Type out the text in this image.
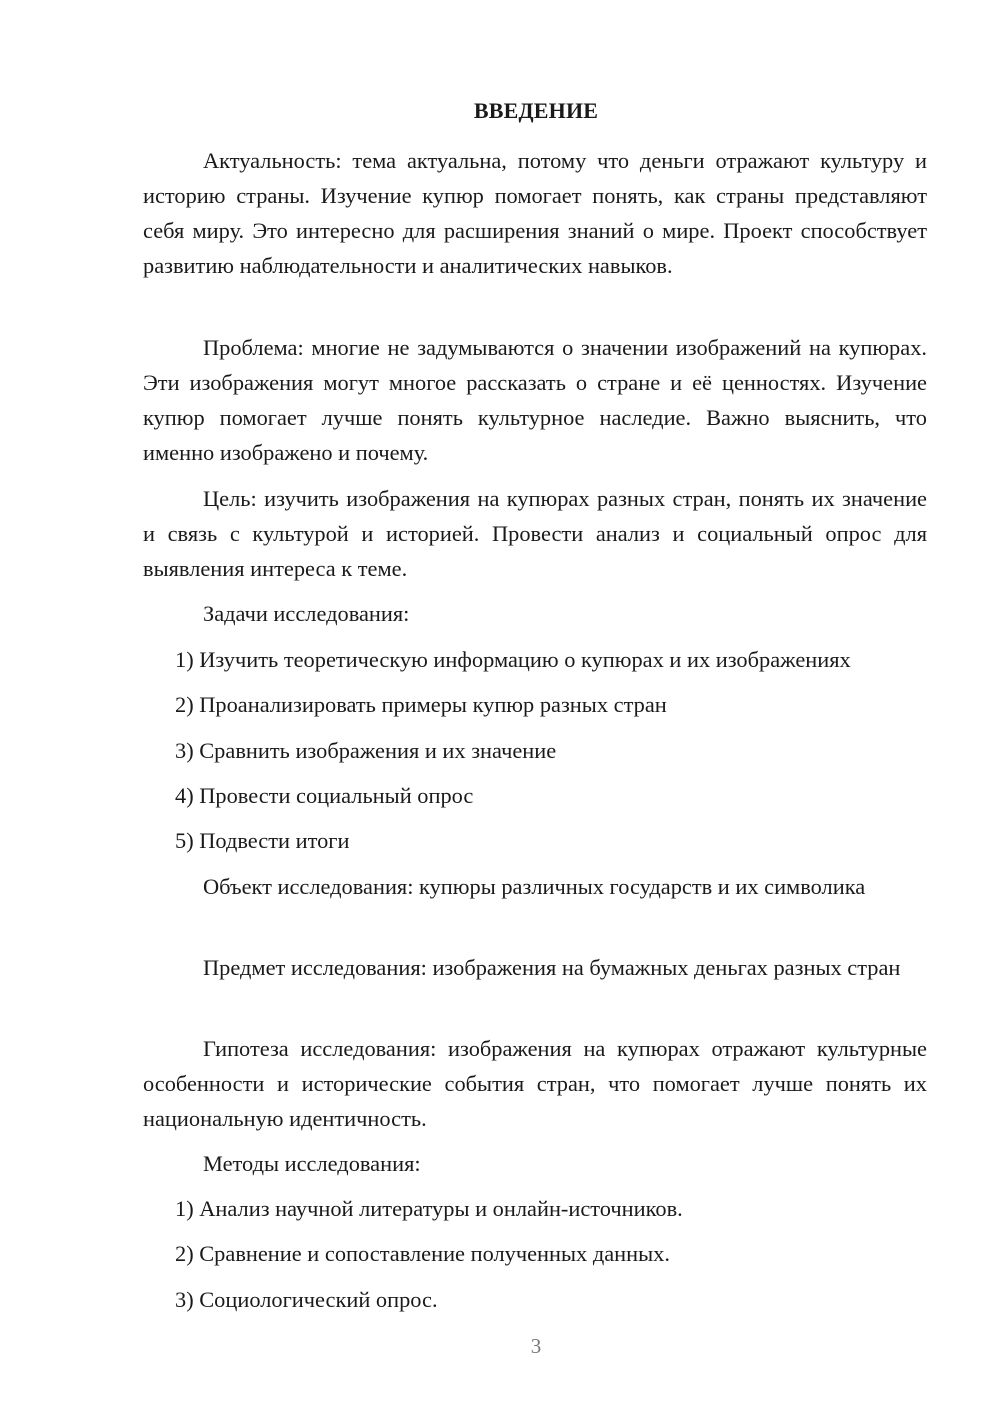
ВВЕДЕНИЕ

Актуальность: тема актуальна, потому что деньги отражают культуру и историю страны. Изучение купюр помогает понять, как страны представляют себя миру. Это интересно для расширения знаний о мире. Проект способствует развитию наблюдательности и аналитических навыков.

Проблема: многие не задумываются о значении изображений на купюрах. Эти изображения могут многое рассказать о стране и её ценностях. Изучение купюр помогает лучше понять культурное наследие. Важно выяснить, что именно изображено и почему.

Цель: изучить изображения на купюрах разных стран, понять их значение и связь с культурой и историей. Провести анализ и социальный опрос для выявления интереса к теме.

Задачи исследования:

1) Изучить теоретическую информацию о купюрах и их изображениях

2) Проанализировать примеры купюр разных стран

3) Сравнить изображения и их значение

4) Провести социальный опрос

5) Подвести итоги

Объект исследования: купюры различных государств и их символика

Предмет исследования: изображения на бумажных деньгах разных стран

Гипотеза исследования: изображения на купюрах отражают культурные особенности и исторические события стран, что помогает лучше понять их национальную идентичность.

Методы исследования:

1) Анализ научной литературы и онлайн-источников.

2) Сравнение и сопоставление полученных данных.

3) Социологический опрос.

3
